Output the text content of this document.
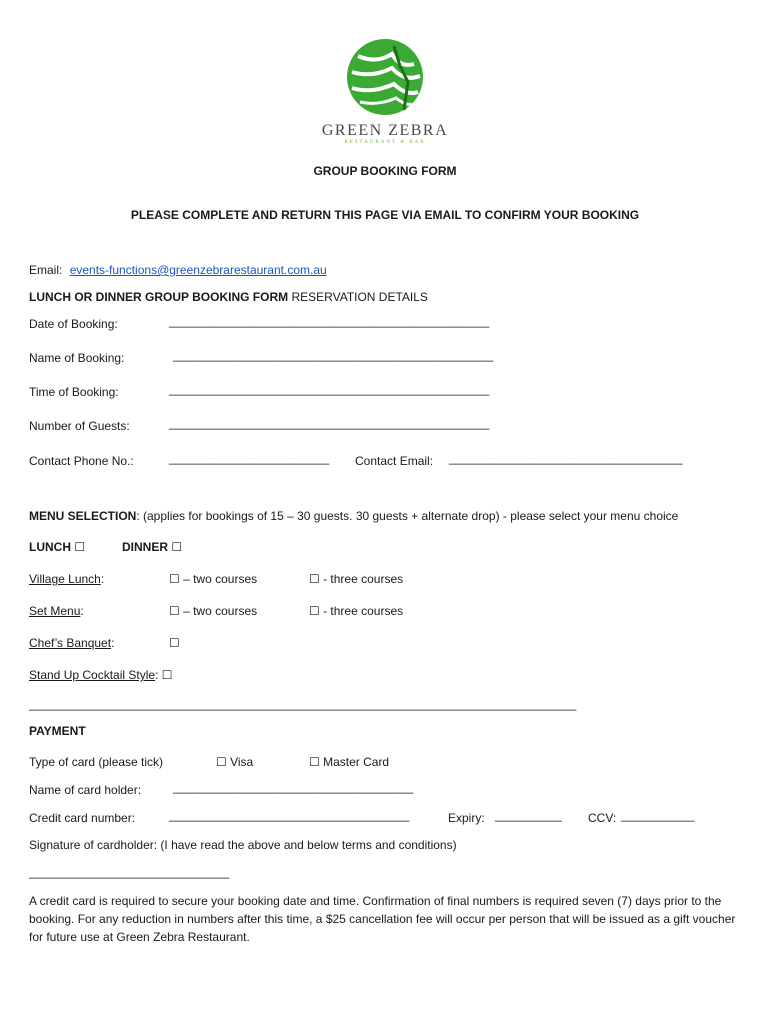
GREEN ZEBRA
RESTAURANT & BAR
GROUP BOOKING FORM
PLEASE COMPLETE AND RETURN THIS PAGE VIA EMAIL TO CONFIRM YOUR BOOKING
Email: events-functions@greenzebrarestaurant.com.au
LUNCH OR DINNER GROUP BOOKING FORM RESERVATION DETAILS
Date of Booking:	________________________________________________
Name of Booking:	________________________________________________
Time of Booking:	________________________________________________
Number of Guests:	________________________________________________
Contact Phone No.:	________________________ Contact Email: ___________________________________
MENU SELECTION: (applies for bookings of 15 – 30 guests. 30 guests + alternate drop) - please select your menu choice
LUNCH ☐	DINNER ☐
Village Lunch:	☐ – two courses	☐ - three courses
Set Menu:	☐ – two courses	☐ - three courses
Chef’s Banquet:	☐
Stand Up Cocktail Style: ☐
__________________________________________________________________________________
PAYMENT
Type of card (please tick)	☐ Visa	☐ Master Card
Name of card holder:	____________________________________
Credit card number:	____________________________________	Expiry: __________ CCV: ___________
Signature of cardholder: (I have read the above and below terms and conditions)
______________________________
A credit card is required to secure your booking date and time. Confirmation of final numbers is required seven (7) days prior to the booking. For any reduction in numbers after this time, a $25 cancellation fee will occur per person that will be issued as a gift voucher for future use at Green Zebra Restaurant.
